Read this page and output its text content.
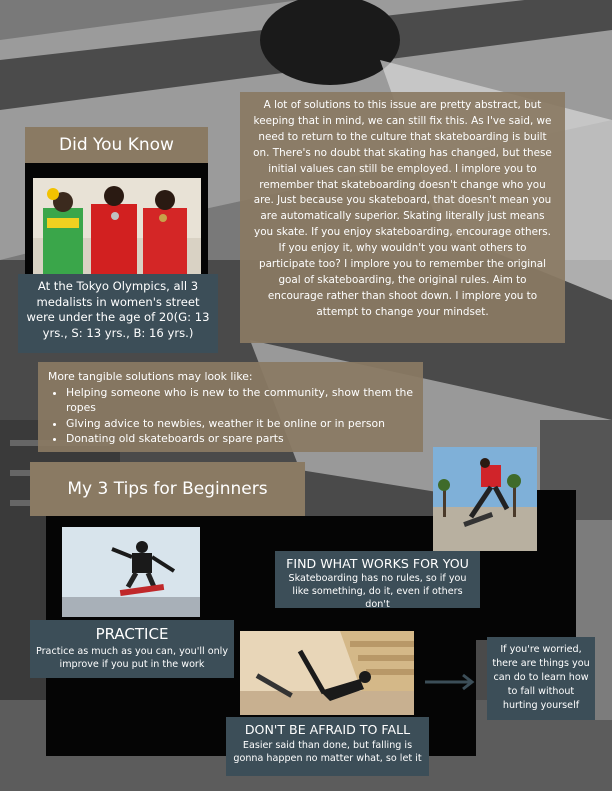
Did You Know
At the Tokyo Olympics, all 3 medalists in women's street were under the age of 20(G: 13 yrs., S: 13 yrs., B: 16 yrs.)
A lot of solutions to this issue are pretty abstract, but keeping that in mind, we can still fix this. As I've said, we need to return to the culture that skateboarding is built on. There's no doubt that skating has changed, but these initial values can still be employed. I implore you to remember that skateboarding doesn't change who you are. Just because you skateboard, that doesn't mean you are automatically superior. Skating literally just means you skate. If you enjoy skateboarding, encourage others. If you enjoy it, why wouldn't you want others to participate too? I implore you to remember the original goal of skateboarding, the original rules. Aim to encourage rather than shoot down. I implore you to attempt to change your mindset.
More tangible solutions may look like:
• Helping someone who is new to the community, show them the ropes
• GIving advice to newbies, weather it be online or in person
• Donating old skateboards or spare parts
My 3 Tips for Beginners
FIND WHAT WORKS FOR YOU
Skateboarding has no rules, so if you like something, do it, even if others don't
PRACTICE
Practice as much as you can, you'll only improve if you put in the work
DON'T BE AFRAID TO FALL
Easier said than done, but falling is gonna happen no matter what, so let it
If you're worried, there are things you can do to learn how to fall without hurting yourself
